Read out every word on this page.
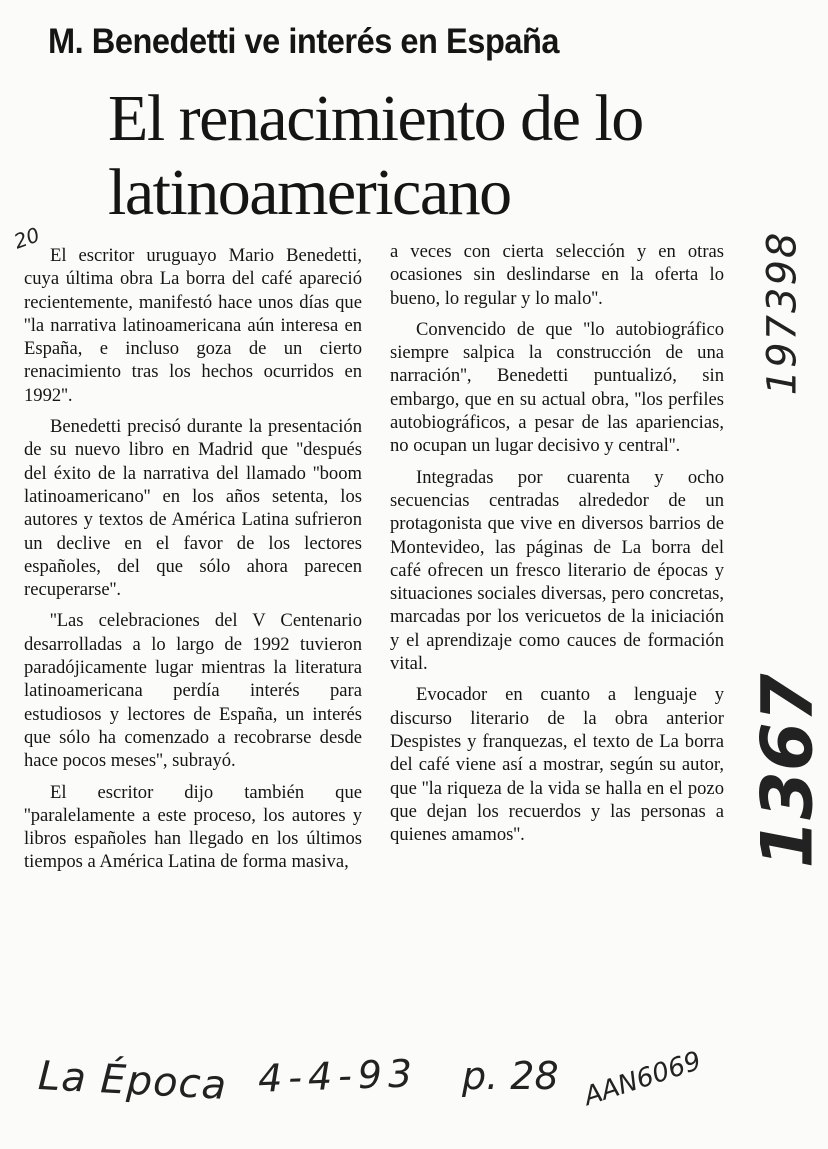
M. Benedetti ve interés en España
El renacimiento de lo latinoamericano

El escritor uruguayo Mario Benedetti, cuya última obra La borra del café apareció recientemente, manifestó hace unos días que ''la narrativa latinoamericana aún interesa en España, e incluso goza de un cierto renacimiento tras los hechos ocurridos en 1992''.

Benedetti precisó durante la presentación de su nuevo libro en Madrid que ''después del éxito de la narrativa del llamado ''boom latinoamericano'' en los años setenta, los autores y textos de América Latina sufrieron un declive en el favor de los lectores españoles, del que sólo ahora parecen recuperarse''.

''Las celebraciones del V Centenario desarrolladas a lo largo de 1992 tuvieron paradójicamente lugar mientras la literatura latinoamericana perdía interés para estudiosos y lectores de España, un interés que sólo ha comenzado a recobrarse desde hace pocos meses'', subrayó.

El escritor dijo también que ''paralelamente a este proceso, los autores y libros españoles han llegado en los últimos tiempos a América Latina de forma masiva,

a veces con cierta selección y en otras ocasiones sin deslindarse en la oferta lo bueno, lo regular y lo malo''.

Convencido de que ''lo autobiográfico siempre salpica la construcción de una narración'', Benedetti puntualizó, sin embargo, que en su actual obra, ''los perfiles autobiográficos, a pesar de las apariencias, no ocupan un lugar decisivo y central''.

Integradas por cuarenta y ocho secuencias centradas alrededor de un protagonista que vive en diversos barrios de Montevideo, las páginas de La borra del café ofrecen un fresco literario de épocas y situaciones sociales diversas, pero concretas, marcadas por los vericuetos de la iniciación y el aprendizaje como cauces de formación vital.

Evocador en cuanto a lenguaje y discurso literario de la obra anterior Despistes y franquezas, el texto de La borra del café viene así a mostrar, según su autor, que ''la riqueza de la vida se halla en el pozo que dejan los recuerdos y las personas a quienes amamos''.

20	197398
1367
La Época 4-4-93 p. 28 AAN6069
